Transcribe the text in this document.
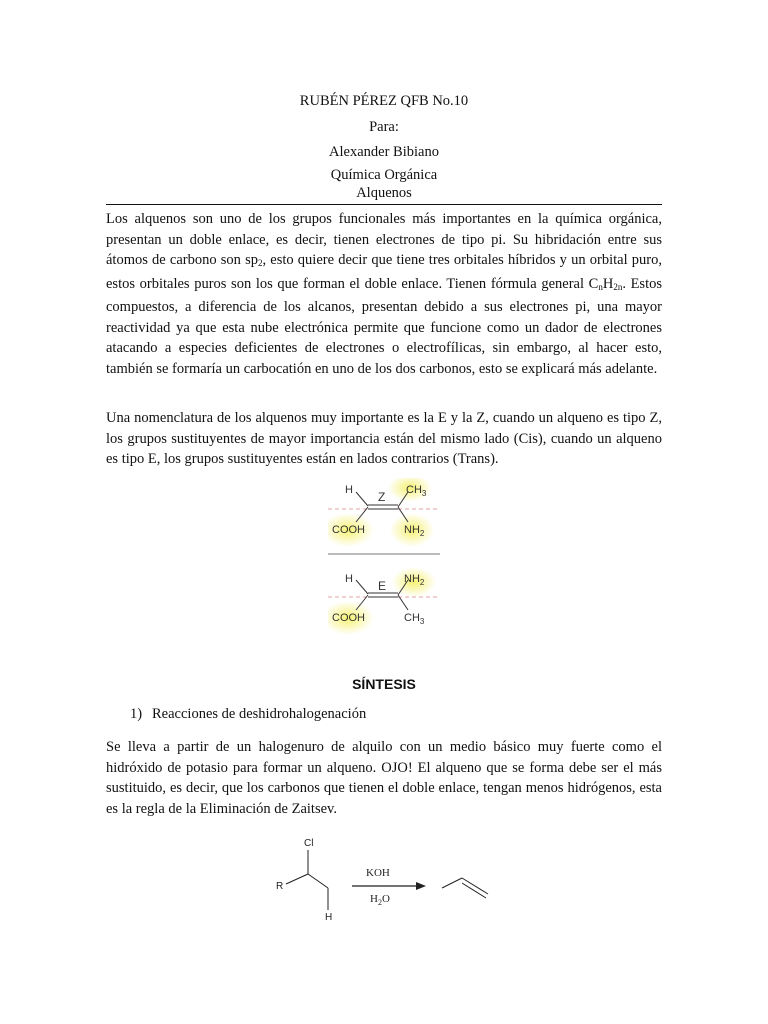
RUBÉN PÉREZ QFB No.10
Para:
Alexander Bibiano
Química Orgánica
Alquenos

Los alquenos son uno de los grupos funcionales más importantes en la química orgánica, presentan un doble enlace, es decir, tienen electrones de tipo pi. Su hibridación entre sus átomos de carbono son $sp_2$, esto quiere decir que tiene tres orbitales híbridos y un orbital puro, estos orbitales puros son los que forman el doble enlace. Tienen fórmula general $C_nH_{2n}$. Estos compuestos, a diferencia de los alcanos, presentan debido a sus electrones pi, una mayor reactividad ya que esta nube electrónica permite que funcione como un dador de electrones atacando a especies deficientes de electrones o electrofílicas, sin embargo, al hacer esto, también se formaría un carbocatión en uno de los dos carbonos, esto se explicará más adelante.

Una nomenclatura de los alquenos muy importante es la E y la Z, cuando un alqueno es tipo Z, los grupos sustituyentes de mayor importancia están del mismo lado (Cis), cuando un alqueno es tipo E, los grupos sustituyentes están en lados contrarios (Trans).

H Z $CH_3$
COOH	$NH_2$
H E $NH_2$
COOH	$CH_3$
SÍNTESIS
1) Reacciones de deshidrohalogenación

Se lleva a partir de un halogenuro de alquilo con un medio básico muy fuerte como el hidróxido de potasio para formar un alqueno. OJO! El alqueno que se forma debe ser el más sustituido, es decir, que los carbonos que tienen el doble enlace, tengan menos hidrógenos, esta es la regla de la Eliminación de Zaitsev.

Cl
R
H
KOH
$H_2O$
